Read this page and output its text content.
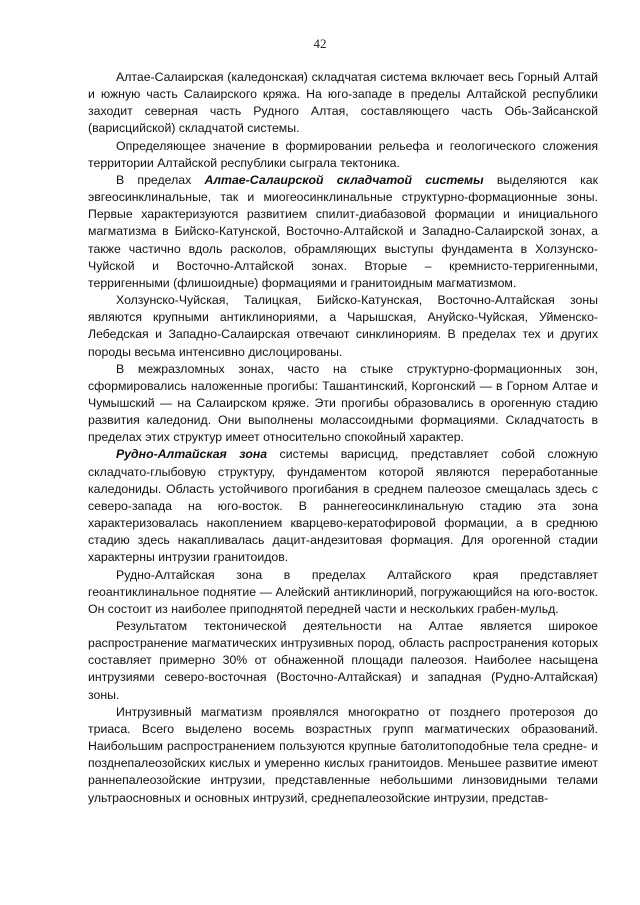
42

Алтае-Салаирская (каледонская) складчатая система включает весь Горный Алтай и южную часть Салаирского кряжа. На юго-западе в пределы Алтайской республики заходит северная часть Рудного Алтая, составляющего часть Обь-Зайсанской (варисцийской) складчатой системы.

Определяющее значение в формировании рельефа и геологического сложения территории Алтайской республики сыграла тектоника.

В пределах Алтае-Салаирской складчатой системы выделяются как эвгеосинклинальные, так и миогеосинклинальные структурно-формационные зоны. Первые характеризуются развитием спилит-диабазовой формации и инициального магматизма в Бийско-Катунской, Восточно-Алтайской и Западно-Салаирской зонах, а также частично вдоль расколов, обрамляющих выступы фундамента в Холзунско-Чуйской и Восточно-Алтайской зонах. Вторые – кремнисто-терригенными, терригенными (флишоидные) формациями и гранитоидным магматизмом.

Холзунско-Чуйская, Талицкая, Бийско-Катунская, Восточно-Алтайская зоны являются крупными антиклинориями, а Чарышская, Ануйско-Чуйская, Уйменско-Лебедская и Западно-Салаирская отвечают синклинориям. В пределах тех и других породы весьма интенсивно дислоцированы.

В межразломных зонах, часто на стыке структурно-формационных зон, сформировались наложенные прогибы: Ташантинский, Коргонский — в Горном Алтае и Чумышский — на Салаирском кряже. Эти прогибы образовались в орогенную стадию развития каледонид. Они выполнены молассоидными формациями. Складчатость в пределах этих структур имеет относительно спокойный характер.

Рудно-Алтайская зона системы варисцид, представляет собой сложную складчато-глыбовую структуру, фундаментом которой являются переработанные каледониды. Область устойчивого прогибания в среднем палеозое смещалась здесь с северо-запада на юго-восток. В раннегеосинклинальную стадию эта зона характеризовалась накоплением кварцево-кератофировой формации, а в среднюю стадию здесь накапливалась дацит-андезитовая формация. Для орогенной стадии характерны интрузии гранитоидов.

Рудно-Алтайская зона в пределах Алтайского края представляет геоантиклинальное поднятие — Алейский антиклинорий, погружающийся на юго-восток. Он состоит из наиболее приподнятой передней части и нескольких грабен-мульд.

Результатом тектонической деятельности на Алтае является широкое распространение магматических интрузивных пород, область распространения которых составляет примерно 30% от обнаженной площади палеозоя. Наиболее насыщена интрузиями северо-восточная (Восточно-Алтайская) и западная (Рудно-Алтайская) зоны.

Интрузивный магматизм проявлялся многократно от позднего протерозоя до триаса. Всего выделено восемь возрастных групп магматических образований. Наибольшим распространением пользуются крупные батолитоподобные тела средне- и позднепалеозойских кислых и умеренно кислых гранитоидов. Меньшее развитие имеют раннепалеозойские интрузии, представленные небольшими линзовидными телами ультраосновных и основных интрузий, среднепалеозойские интрузии, представ-
